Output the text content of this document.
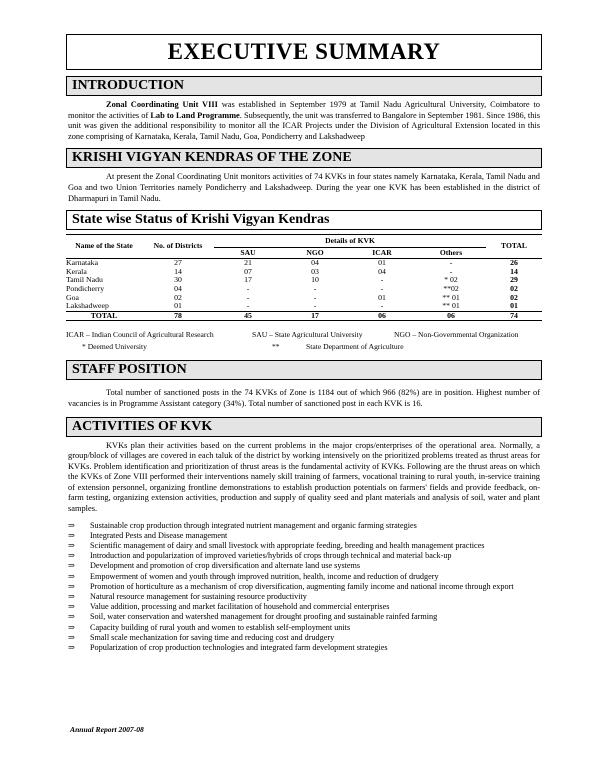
EXECUTIVE SUMMARY
INTRODUCTION

Zonal Coordinating Unit VIII was established in September 1979 at Tamil Nadu Agricultural University, Coimbatore to monitor the activities of Lab to Land Programme. Subsequently, the unit was transferred to Bangalore in September 1981. Since 1986, this unit was given the additional responsibility to monitor all the ICAR Projects under the Division of Agricultural Extension located in this zone comprising of Karnataka, Kerala, Tamil Nadu, Goa, Pondicherry and Lakshadweep

KRISHI VIGYAN KENDRAS OF THE ZONE

At present the Zonal Coordinating Unit monitors activities of 74 KVKs in four states namely Karnataka, Kerala, Tamil Nadu and Goa and two Union Territories namely Pondicherry and Lakshadweep. During the year one KVK has been established in the district of Dharmapuri in Tamil Nadu.

State wise Status of Krishi Vigyan Kendras
Name of the State	No. of Districts	Details of KVK				TOTAL
		SAU	NGO	ICAR	Others	
Karnataka	27	21	04	01	-	26
Kerala	14	07	03	04	-	14
Tamil Nadu	30	17	10	-	* 02	29
Pondicherry	04	-	-	-	**02	02
Goa	02	-	-	01	** 01	02
Lakshadweep	01	-	-	-	** 01	01
TOTAL	78	45	17	06	06	74
ICAR – Indian Council of Agricultural Research	SAU – State Agricultural University	NGO – Non-Governmental Organization
* Deemed University	**	State Department of Agriculture
STAFF POSITION

Total number of sanctioned posts in the 74 KVKs of Zone is 1184 out of which 966 (82%) are in position. Highest number of vacancies is in Programme Assistant category (34%). Total number of sanctioned post in each KVK is 16.

ACTIVITIES OF KVK

KVKs plan their activities based on the current problems in the major crops/enterprises of the operational area. Normally, a group/block of villages are covered in each taluk of the district by working intensively on the prioritized problems treated as thrust areas for KVKs. Problem identification and prioritization of thrust areas is the fundamental activity of KVKs. Following are the thrust areas on which the KVKs of Zone VIII performed their interventions namely skill training of farmers, vocational training to rural youth, in-service training of extension personnel, organizing frontline demonstrations to establish production potentials on farmers' fields and provide feedback, on-farm testing, organizing extension activities, production and supply of quality seed and plant materials and analysis of soil, water and plant samples.

⇒	Sustainable crop production through integrated nutrient management and organic farming strategies
⇒	Integrated Pests and Disease management
⇒	Scientific management of dairy and small livestock with appropriate feeding, breeding and health management practices
⇒	Introduction and popularization of improved varieties/hybrids of crops through technical and material back-up
⇒	Development and promotion of crop diversification and alternate land use systems
⇒	Empowerment of women and youth through improved nutrition, health, income and reduction of drudgery
⇒	Promotion of horticulture as a mechanism of crop diversification, augmenting family income and national income through export
⇒	Natural resource management for sustaining resource productivity
⇒	Value addition, processing and market facilitation of household and commercial enterprises
⇒	Soil, water conservation and watershed management for drought proofing and sustainable rainfed farming
⇒	Capacity building of rural youth and women to establish self-employment units
⇒	Small scale mechanization for saving time and reducing cost and drudgery
⇒	Popularization of crop production technologies and integrated farm development strategies
Annual Report 2007-08
